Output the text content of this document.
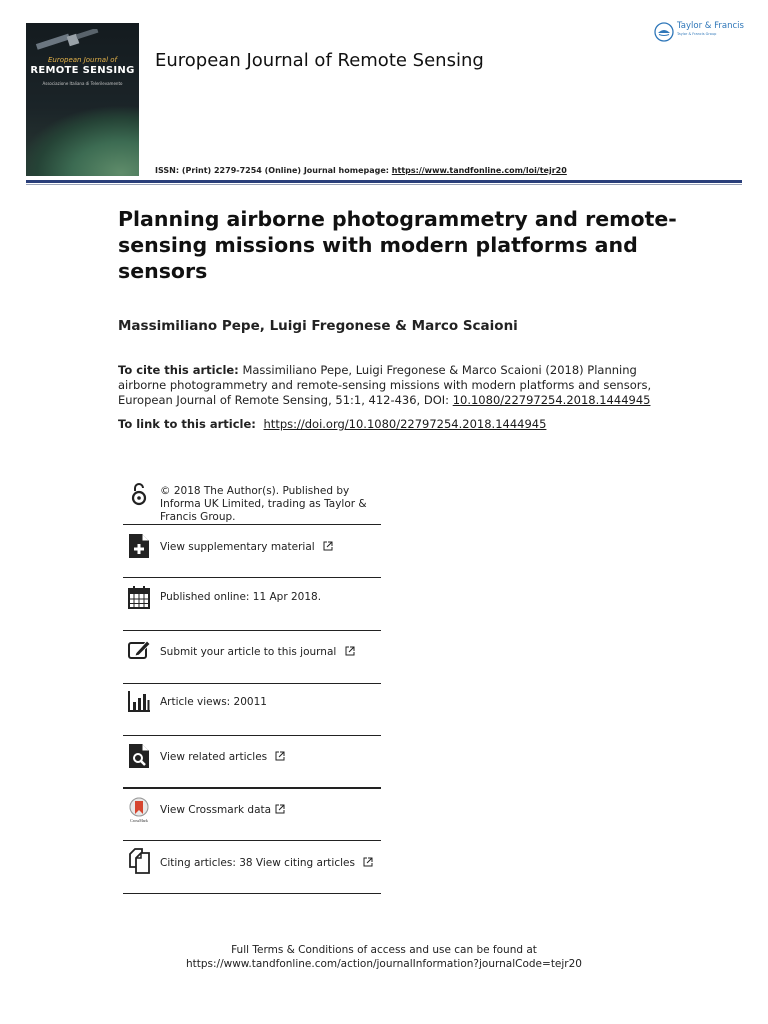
European Journal of
REMOTE SENSING
Associazione Italiana di Telerilevamento
European Journal of Remote Sensing
Taylor & Francis
Taylor & Francis Group
ISSN: (Print) 2279-7254 (Online) Journal homepage: https://www.tandfonline.com/loi/tejr20
Planning airborne photogrammetry and remote-sensing missions with modern platforms and sensors
Massimiliano Pepe, Luigi Fregonese & Marco Scaioni
To cite this article: Massimiliano Pepe, Luigi Fregonese & Marco Scaioni (2018) Planning airborne photogrammetry and remote-sensing missions with modern platforms and sensors, European Journal of Remote Sensing, 51:1, 412-436, DOI: 10.1080/22797254.2018.1444945
To link to this article: https://doi.org/10.1080/22797254.2018.1444945
© 2018 The Author(s). Published by Informa UK Limited, trading as Taylor & Francis Group.
View supplementary material
Published online: 11 Apr 2018.
Submit your article to this journal
Article views: 20011
View related articles
CrossMark
View Crossmark data
Citing articles: 38 View citing articles
Full Terms & Conditions of access and use can be found at
https://www.tandfonline.com/action/journalInformation?journalCode=tejr20
